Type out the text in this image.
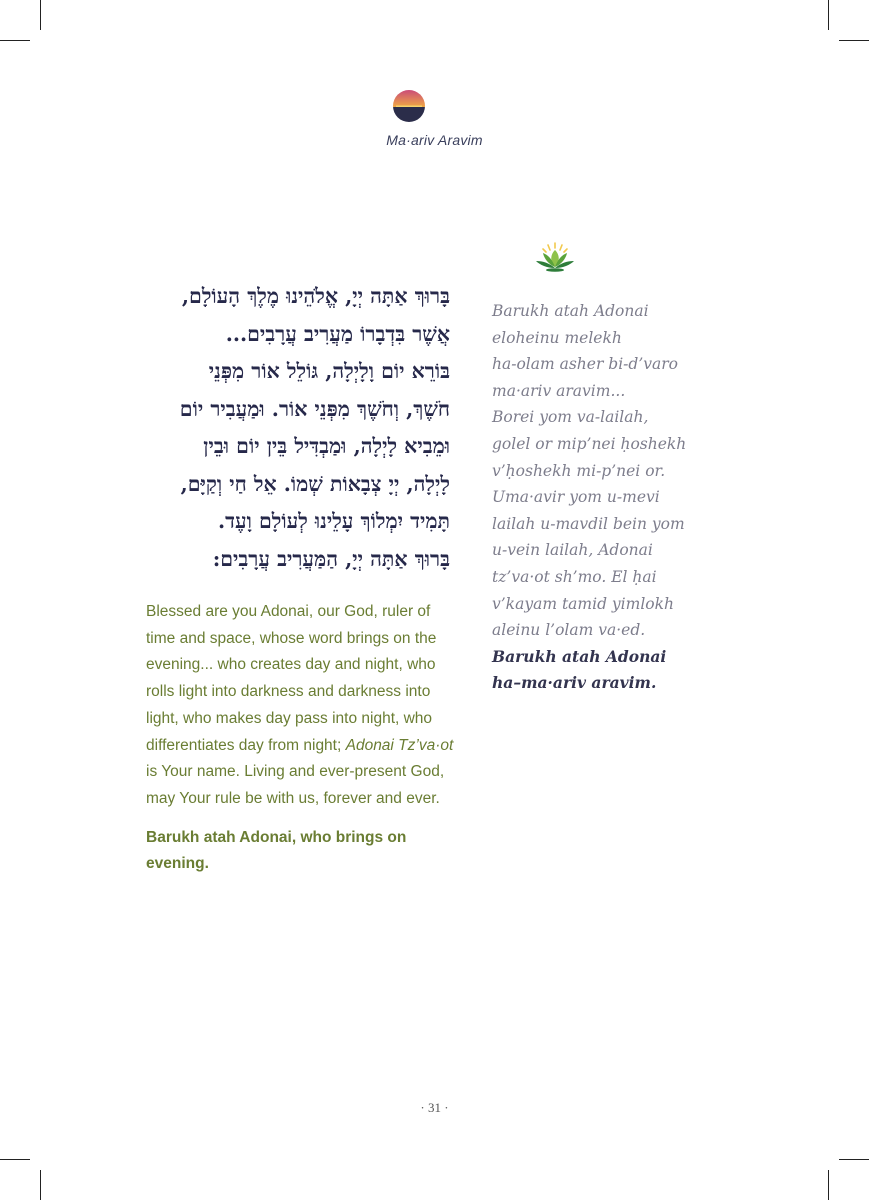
Ma·ariv Aravim

בָּרוּךְ אַתָּה יְיָ, אֱלֹהֵינוּ מֶלֶךְ הָעוֹלָם,

אֲשֶׁר בִּדְבָרוֹ מַעֲרִיב עֲרָבִים...

בּוֹרֵא יוֹם וָלָיְלָה, גּוֹלֵל אוֹר מִפְּנֵי

חֹשֶׁךְ, וְחֹשֶׁךְ מִפְּנֵי אוֹר. וּמַעֲבִיר יוֹם

וּמֵבִיא לָיְלָה, וּמַבְדִּיל בֵּין יוֹם וּבֵין

לָיְלָה, יְיָ צְבָאוֹת שְׁמוֹ. אֵל חַי וְקַיָּם,

תָּמִיד יִמְלוֹךְ עָלֵינוּ לְעוֹלָם וָעֶד.

בָּרוּךְ אַתָּה יְיָ, הַמַּעֲרִיב עֲרָבִים:

Blessed are you Adonai, our God, ruler of time and space, whose word brings on the evening... who creates day and night, who rolls light into darkness and darkness into light, who makes day pass into night, who differentiates day from night; Adonai Tz’va·ot is Your name. Living and ever-present God, may Your rule be with us, forever and ever.

Barukh atah Adonai, who brings on evening.

Barukh atah Adonai

eloheinu melekh

ha-olam asher bi-d’varo

ma·ariv aravim...

Borei yom va-lailah,

golel or mip’nei ḥoshekh

v’ḥoshekh mi-p’nei or.

Uma·avir yom u-mevi

lailah u-mavdil bein yom

u-vein lailah, Adonai

tz’va·ot sh’mo. El ḥai

v’kayam tamid yimlokh

aleinu l’olam va·ed.

Barukh atah Adonai

ha–ma·ariv aravim.

· 31 ·
